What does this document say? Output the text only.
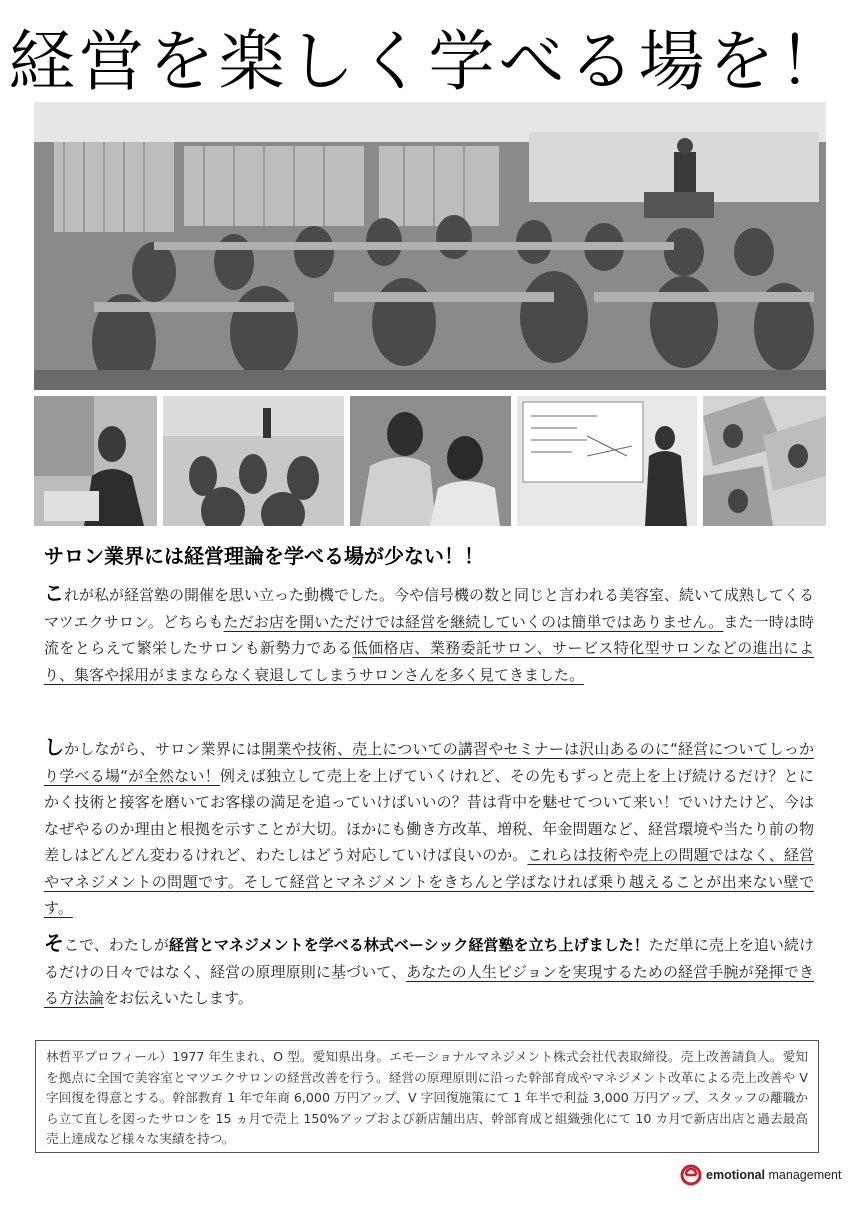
経営を楽しく学べる場を！
サロン業界には経営理論を学べる場が少ない！！

これが私が経営塾の開催を思い立った動機でした。今や信号機の数と同じと言われる美容室、続いて成熟してくるマツエクサロン。どちらもただお店を開いただけでは経営を継続していくのは簡単ではありません。また一時は時流をとらえて繁栄したサロンも新勢力である低価格店、業務委託サロン、サービス特化型サロンなどの進出により、集客や採用がままならなく衰退してしまうサロンさんを多く見てきました。

しかしながら、サロン業界には開業や技術、売上についての講習やセミナーは沢山あるのに“経営についてしっかり学べる場“が全然ない！例えば独立して売上を上げていくけれど、その先もずっと売上を上げ続けるだけ？とにかく技術と接客を磨いてお客様の満足を追っていけばいいの？昔は背中を魅せてついて来い！でいけたけど、今はなぜやるのか理由と根拠を示すことが大切。ほかにも働き方改革、増税、年金問題など、経営環境や当たり前の物差しはどんどん変わるけれど、わたしはどう対応していけば良いのか。これらは技術や売上の問題ではなく、経営やマネジメントの問題です。そして経営とマネジメントをきちんと学ばなければ乗り越えることが出来ない壁です。

そこで、わたしが経営とマネジメントを学べる林式ベーシック経営塾を立ち上げました！ただ単に売上を追い続けるだけの日々ではなく、経営の原理原則に基づいて、あなたの人生ビジョンを実現するための経営手腕が発揮できる方法論をお伝えいたします。

林哲平プロフィール）1977 年生まれ、O 型。愛知県出身。エモーショナルマネジメント株式会社代表取締役。売上改善請負人。愛知を拠点に全国で美容室とマツエクサロンの経営改善を行う。経営の原理原則に沿った幹部育成やマネジメント改革による売上改善や V 字回復を得意とする。幹部教育 1 年で年商 6,000 万円アップ、V 字回復施策にて 1 年半で利益 3,000 万円アップ、スタッフの離職から立て直しを図ったサロンを 15 ヵ月で売上 150%アップおよび新店舗出店、幹部育成と組織強化にて 10 カ月で新店出店と過去最高売上達成など様々な実績を持つ。
emotional management
